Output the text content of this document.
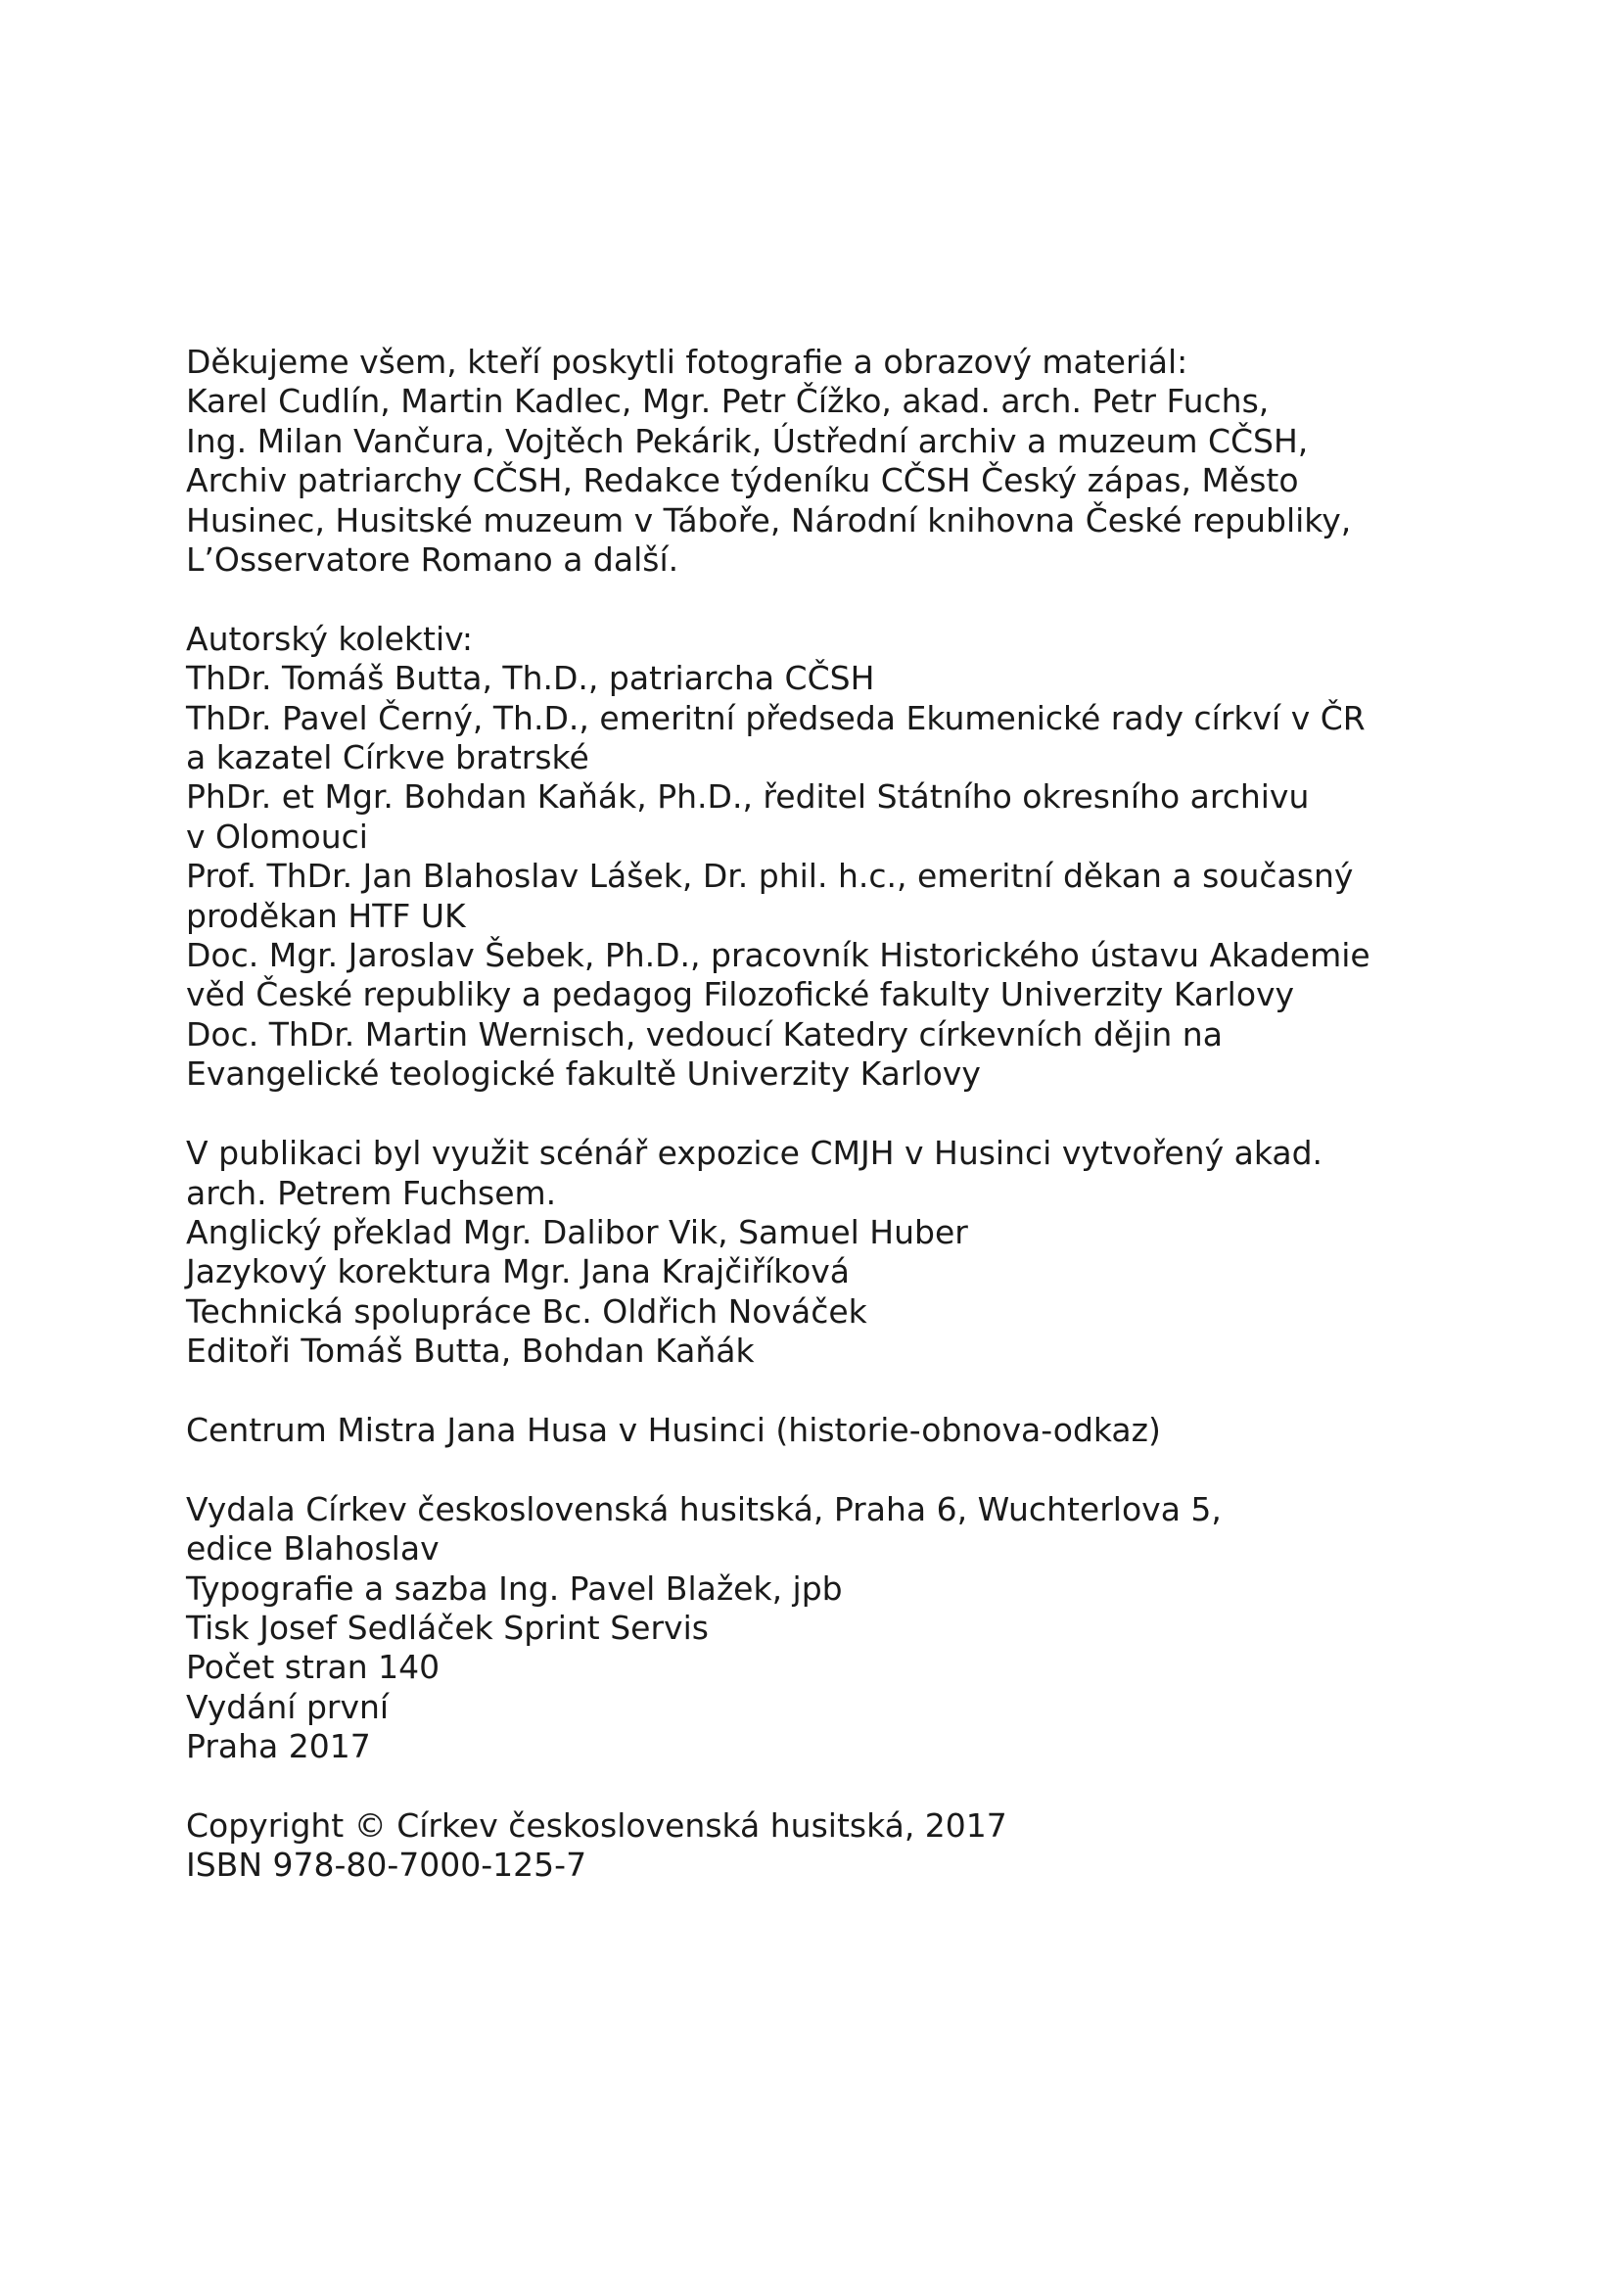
Děkujeme všem, kteří poskytli fotografie a obrazový materiál:
Karel Cudlín, Martin Kadlec, Mgr. Petr Čížko, akad. arch. Petr Fuchs,
Ing. Milan Vančura, Vojtěch Pekárik, Ústřední archiv a muzeum CČSH,
Archiv patriarchy CČSH, Redakce týdeníku CČSH Český zápas, Město
Husinec, Husitské muzeum v Táboře, Národní knihovna České republiky,
L’Osservatore Romano a další.

Autorský kolektiv:
ThDr. Tomáš Butta, Th.D., patriarcha CČSH
ThDr. Pavel Černý, Th.D., emeritní předseda Ekumenické rady církví v ČR
a kazatel Církve bratrské
PhDr. et Mgr. Bohdan Kaňák, Ph.D., ředitel Státního okresního archivu
v Olomouci
Prof. ThDr. Jan Blahoslav Lášek, Dr. phil. h.c., emeritní děkan a současný
proděkan HTF UK
Doc. Mgr. Jaroslav Šebek, Ph.D., pracovník Historického ústavu Akademie
věd České republiky a pedagog Filozofické fakulty Univerzity Karlovy
Doc. ThDr. Martin Wernisch, vedoucí Katedry církevních dějin na
Evangelické teologické fakultě Univerzity Karlovy

V publikaci byl využit scénář expozice CMJH v Husinci vytvořený akad.
arch. Petrem Fuchsem.
Anglický překlad Mgr. Dalibor Vik, Samuel Huber
Jazykový korektura Mgr. Jana Krajčiříková
Technická spolupráce Bc. Oldřich Nováček
Editoři Tomáš Butta, Bohdan Kaňák

Centrum Mistra Jana Husa v Husinci (historie-obnova-odkaz)

Vydala Církev československá husitská, Praha 6, Wuchterlova 5,
edice Blahoslav
Typografie a sazba Ing. Pavel Blažek, jpb
Tisk Josef Sedláček Sprint Servis
Počet stran 140
Vydání první
Praha 2017

Copyright © Církev československá husitská, 2017
ISBN 978-80-7000-125-7
